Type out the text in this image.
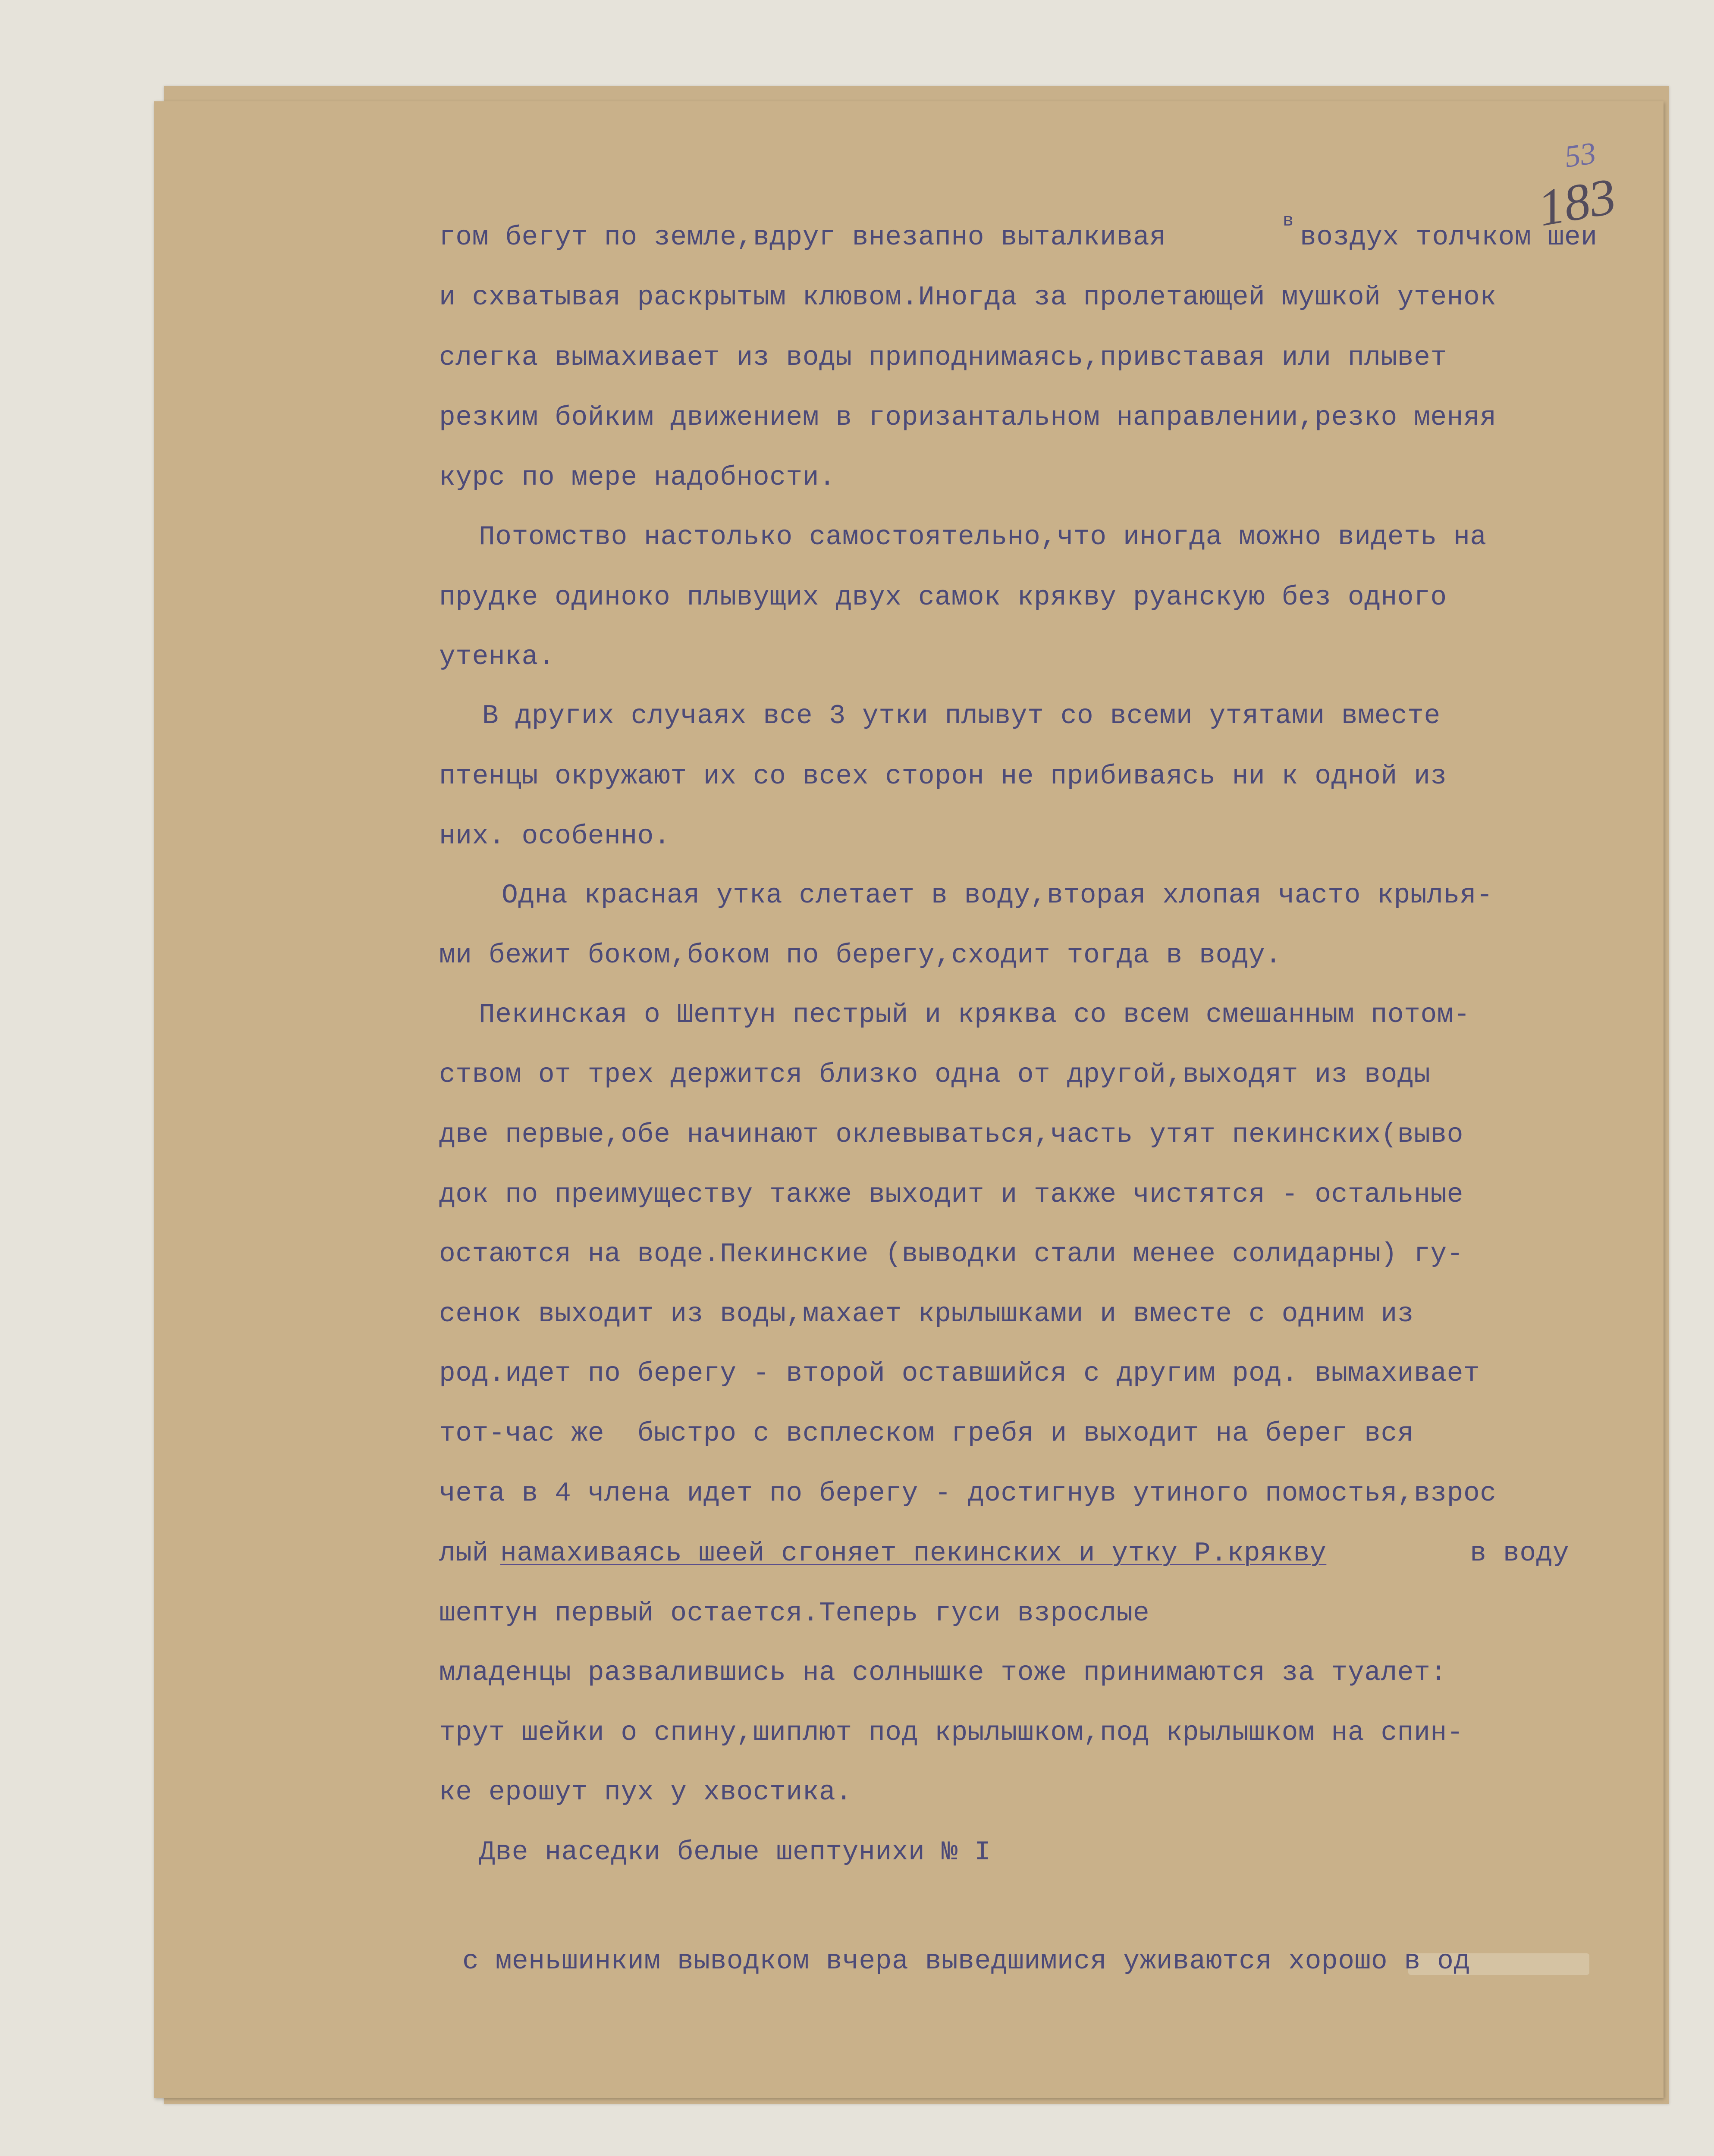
53
183
гом бегут по земле,вдруг внезапно выталкивая
в
воздух толчком шеи
и схватывая раскрытым клювом.Иногда за пролетающей мушкой утенок
слегка вымахивает из воды приподнимаясь,привставая или плывет
резким бойким движением в горизантальном направлении,резко меняя
курс по мере надобности.
Потомство настолько самостоятельно,что иногда можно видеть на
прудке одиноко плывущих двух самок крякву руанскую без одного
утенка.
В других случаях все 3 утки плывут со всеми утятами вместе
птенцы окружают их со всех сторон не прибиваясь ни к одной из
них. особенно.
Одна красная утка слетает в воду,вторая хлопая часто крылья-
ми бежит боком,боком по берегу,сходит тогда в воду.
Пекинская о Шептун пестрый и кряква со всем смешанным потом-
ством от трех держится близко одна от другой,выходят из воды
две первые,обе начинают оклевываться,часть утят пекинских(выво
док по преимуществу также выходит и также чистятся - остальные
остаются на воде.Пекинские (выводки стали менее солидарны) гу-
сенок выходит из воды,махает крылышками и вместе с одним из
род.идет по берегу - второй оставшийся с другим род. вымахивает
тот-час же  быстро с всплеском гребя и выходит на берег вся
чета в 4 члена идет по берегу - достигнув утиного помостья,взрос
лый намахиваясь шеей сгоняет пекинских и утку Р.крякву	в воду
шептун первый остается.Теперь гуси взрослые
младенцы развалившись на солнышке тоже принимаются за туалет:
трут шейки о спину,шиплют под крылышком,под крылышком на спин-
ке ерошут пух у хвостика.
Две наседки белые шептунихи № I
с меньшинким выводком вчера выведшимися уживаются хорошо в од
